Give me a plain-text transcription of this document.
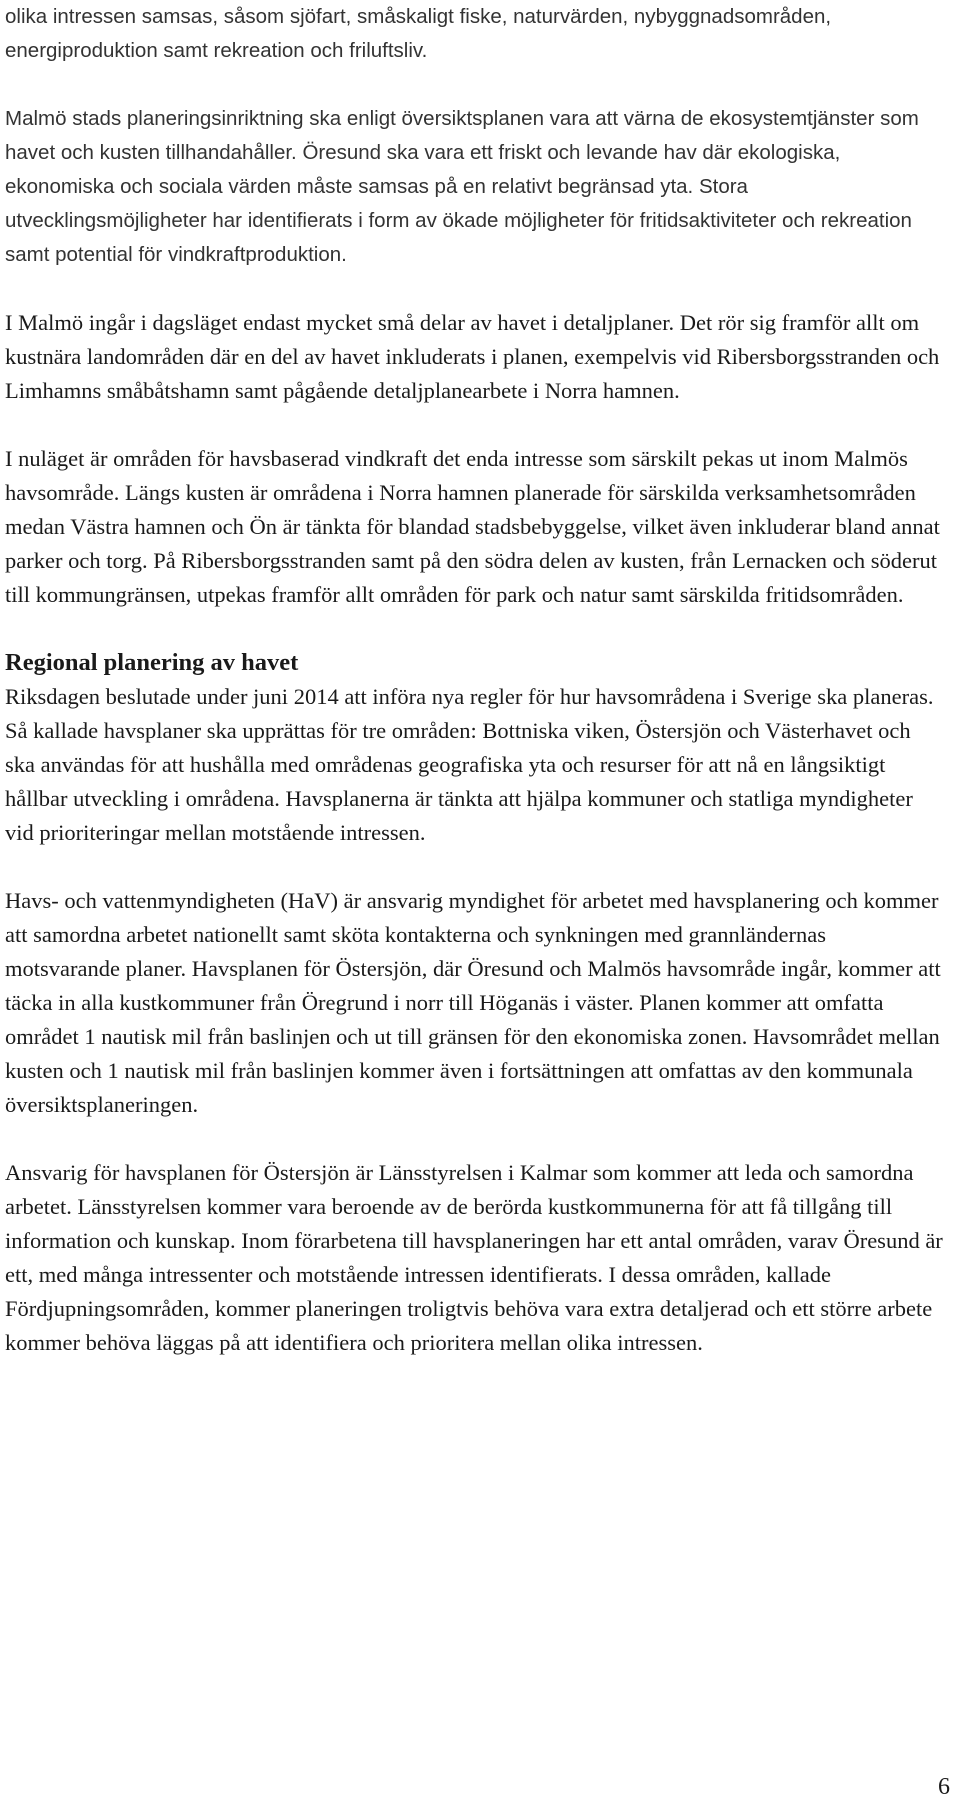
olika intressen samsas, såsom sjöfart, småskaligt fiske, naturvärden, nybyggnadsområden, energiproduktion samt rekreation och friluftsliv.

Malmö stads planeringsinriktning ska enligt översiktsplanen vara att värna de ekosystemtjänster som havet och kusten tillhandahåller. Öresund ska vara ett friskt och levande hav där ekologiska, ekonomiska och sociala värden måste samsas på en relativt begränsad yta. Stora utvecklingsmöjligheter har identifierats i form av ökade möjligheter för fritidsaktiviteter och rekreation samt potential för vindkraftproduktion.

I Malmö ingår i dagsläget endast mycket små delar av havet i detaljplaner. Det rör sig framför allt om kustnära landområden där en del av havet inkluderats i planen, exempelvis vid Ribersborgsstranden och Limhamns småbåtshamn samt pågående detaljplanearbete i Norra hamnen.

I nuläget är områden för havsbaserad vindkraft det enda intresse som särskilt pekas ut inom Malmös havsområde. Längs kusten är områdena i Norra hamnen planerade för särskilda verksamhetsområden medan Västra hamnen och Ön är tänkta för blandad stadsbebyggelse, vilket även inkluderar bland annat parker och torg. På Ribersborgsstranden samt på den södra delen av kusten, från Lernacken och söderut till kommungränsen, utpekas framför allt områden för park och natur samt särskilda fritidsområden.

Regional planering av havet

Riksdagen beslutade under juni 2014 att införa nya regler för hur havsområdena i Sverige ska planeras. Så kallade havsplaner ska upprättas för tre områden: Bottniska viken, Östersjön och Västerhavet och ska användas för att hushålla med områdenas geografiska yta och resurser för att nå en långsiktigt hållbar utveckling i områdena. Havsplanerna är tänkta att hjälpa kommuner och statliga myndigheter vid prioriteringar mellan motstående intressen.

Havs- och vattenmyndigheten (HaV) är ansvarig myndighet för arbetet med havsplanering och kommer att samordna arbetet nationellt samt sköta kontakterna och synkningen med grannländernas motsvarande planer. Havsplanen för Östersjön, där Öresund och Malmös havsområde ingår, kommer att täcka in alla kustkommuner från Öregrund i norr till Höganäs i väster. Planen kommer att omfatta området 1 nautisk mil från baslinjen och ut till gränsen för den ekonomiska zonen. Havsområdet mellan kusten och 1 nautisk mil från baslinjen kommer även i fortsättningen att omfattas av den kommunala översiktsplaneringen.

Ansvarig för havsplanen för Östersjön är Länsstyrelsen i Kalmar som kommer att leda och samordna arbetet. Länsstyrelsen kommer vara beroende av de berörda kustkommunerna för att få tillgång till information och kunskap. Inom förarbetena till havsplaneringen har ett antal områden, varav Öresund är ett, med många intressenter och motstående intressen identifierats. I dessa områden, kallade Fördjupningsområden, kommer planeringen troligtvis behöva vara extra detaljerad och ett större arbete kommer behöva läggas på att identifiera och prioritera mellan olika intressen.

6
